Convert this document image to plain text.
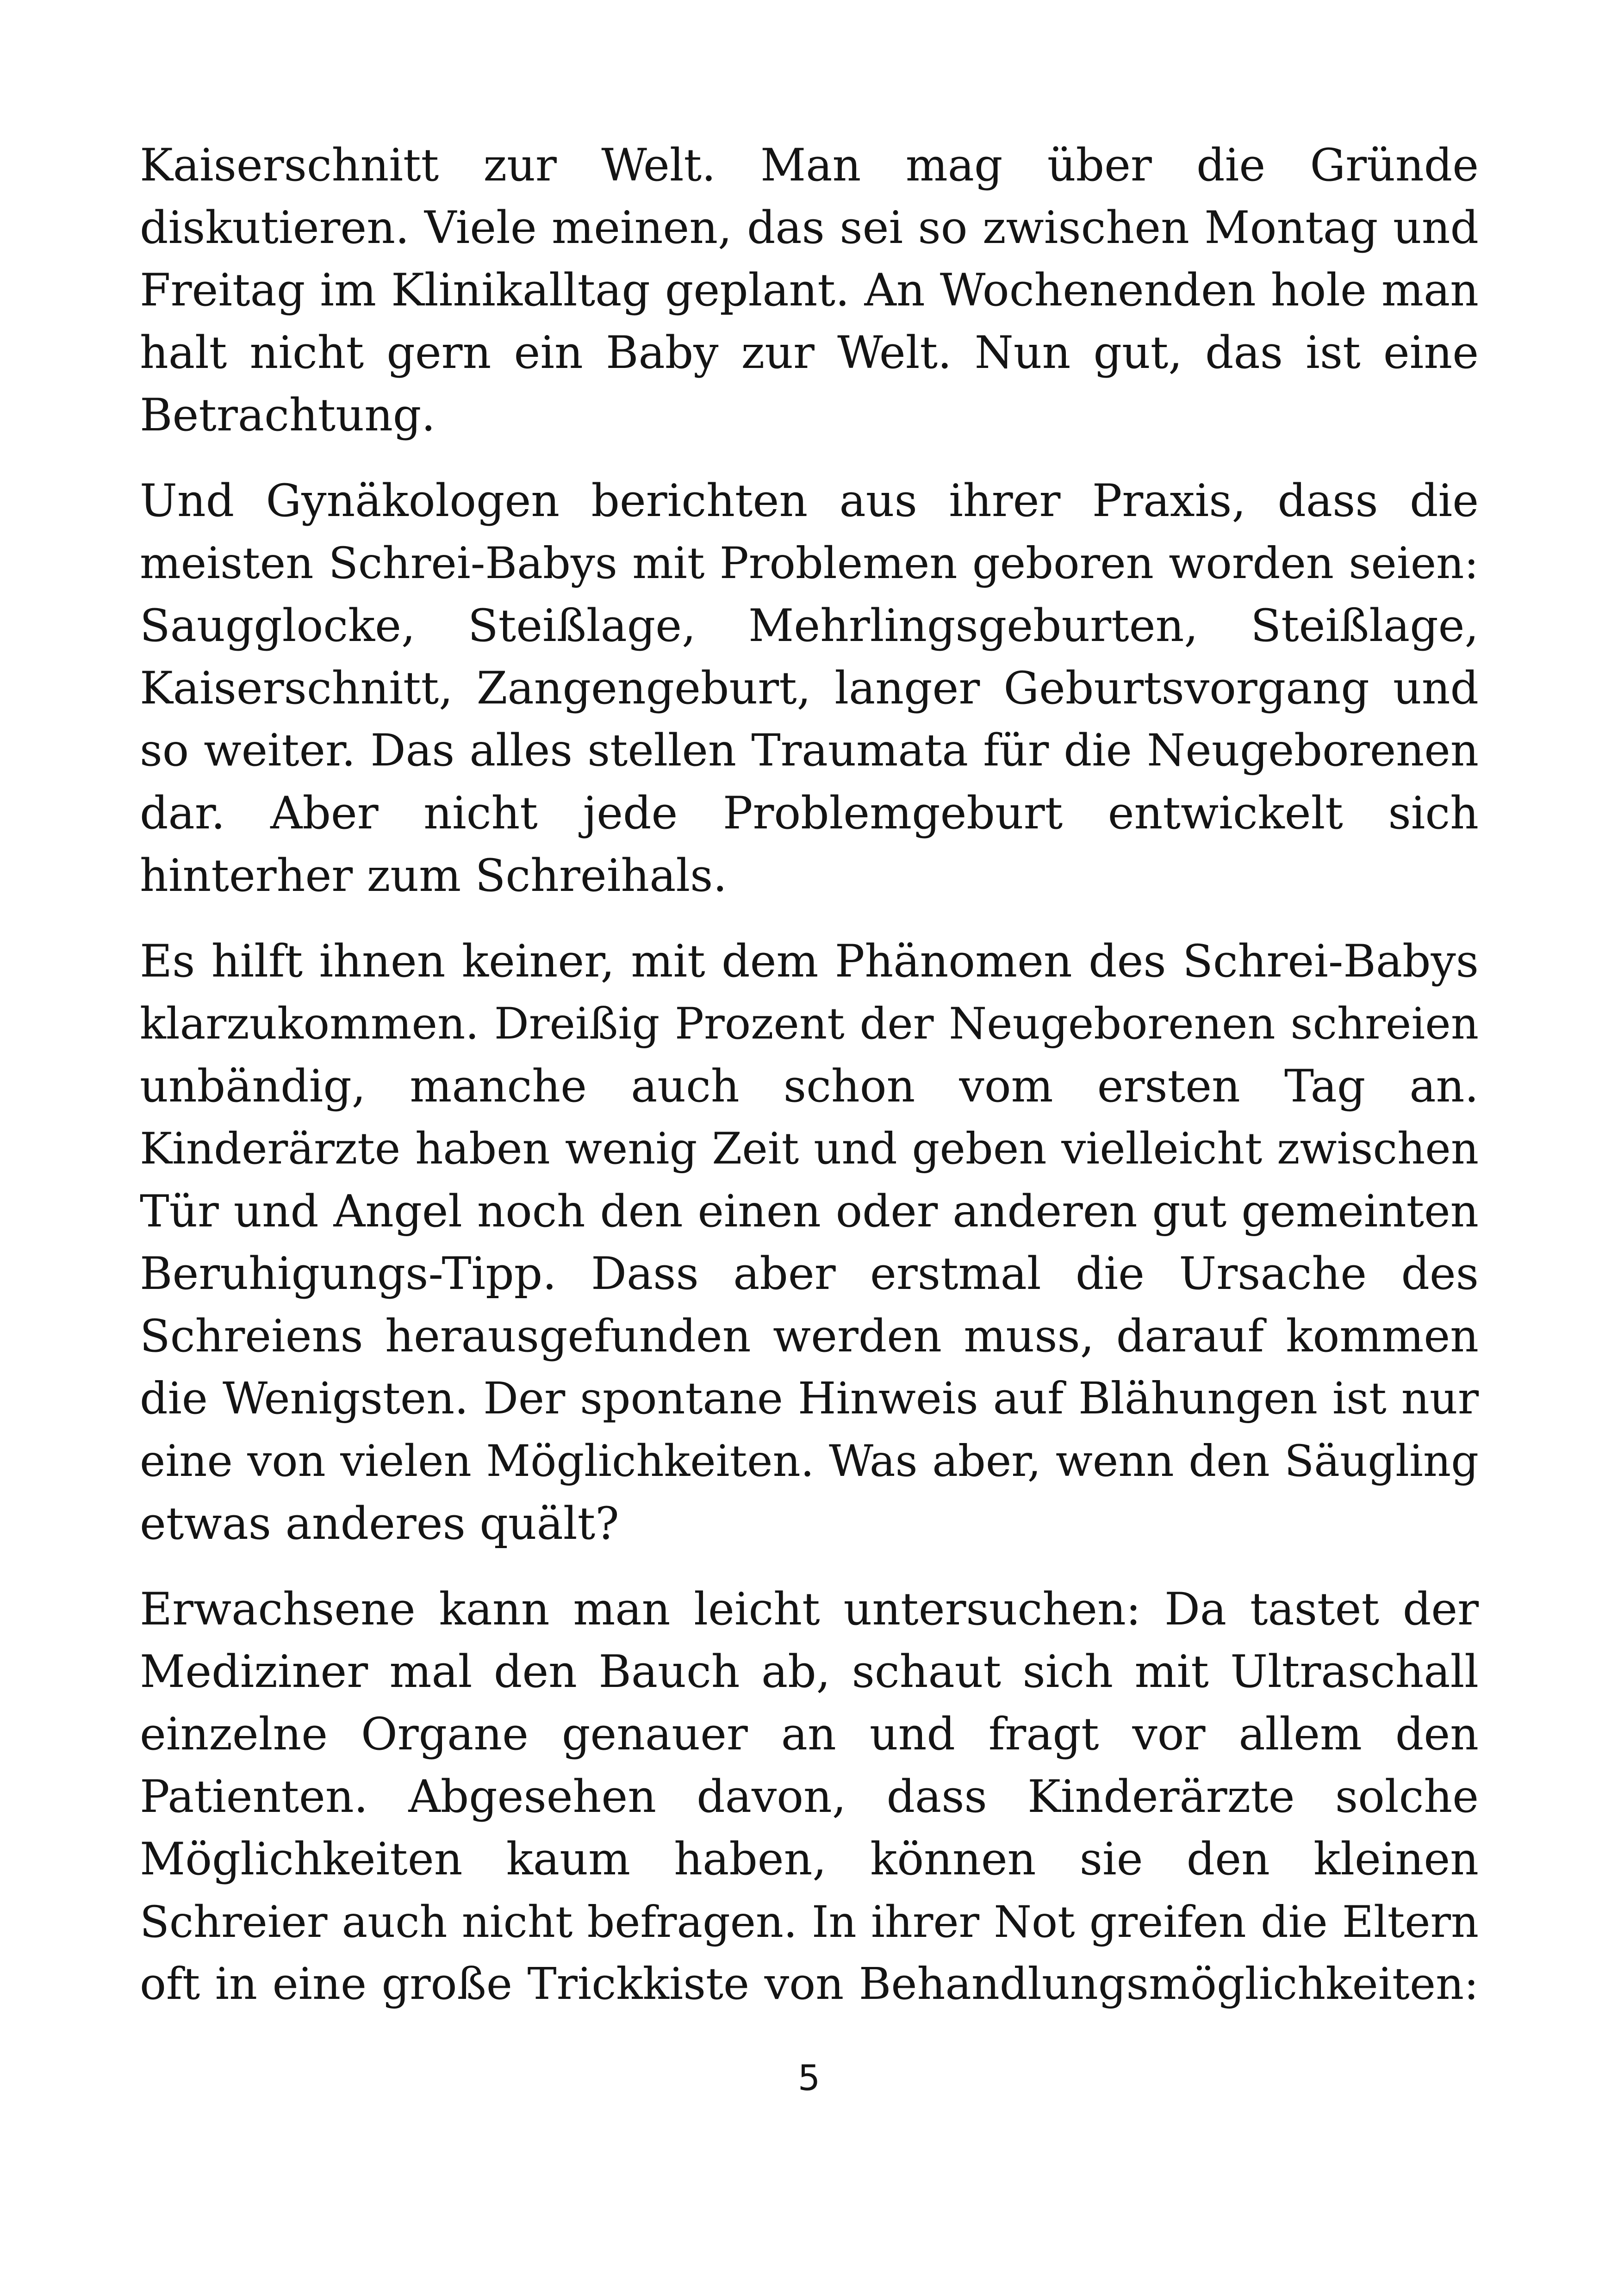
Kaiserschnitt zur Welt. Man mag über die Gründe
diskutieren. Viele meinen, das sei so zwischen Montag und
Freitag im Klinikalltag geplant. An Wochenenden hole man
halt nicht gern ein Baby zur Welt. Nun gut, das ist eine
Betrachtung.

Und Gynäkologen berichten aus ihrer Praxis, dass die
meisten Schrei-Babys mit Problemen geboren worden seien:
Saugglocke, Steißlage, Mehrlingsgeburten, Steißlage,
Kaiserschnitt, Zangengeburt, langer Geburtsvorgang und
so weiter. Das alles stellen Traumata für die Neugeborenen
dar. Aber nicht jede Problemgeburt entwickelt sich
hinterher zum Schreihals.

Es hilft ihnen keiner, mit dem Phänomen des Schrei-Babys
klarzukommen. Dreißig Prozent der Neugeborenen schreien
unbändig, manche auch schon vom ersten Tag an.
Kinderärzte haben wenig Zeit und geben vielleicht zwischen
Tür und Angel noch den einen oder anderen gut gemeinten
Beruhigungs-Tipp. Dass aber erstmal die Ursache des
Schreiens herausgefunden werden muss, darauf kommen
die Wenigsten. Der spontane Hinweis auf Blähungen ist nur
eine von vielen Möglichkeiten. Was aber, wenn den Säugling
etwas anderes quält?

Erwachsene kann man leicht untersuchen: Da tastet der
Mediziner mal den Bauch ab, schaut sich mit Ultraschall
einzelne Organe genauer an und fragt vor allem den
Patienten. Abgesehen davon, dass Kinderärzte solche
Möglichkeiten kaum haben, können sie den kleinen
Schreier auch nicht befragen. In ihrer Not greifen die Eltern
oft in eine große Trickkiste von Behandlungsmöglichkeiten:

5
